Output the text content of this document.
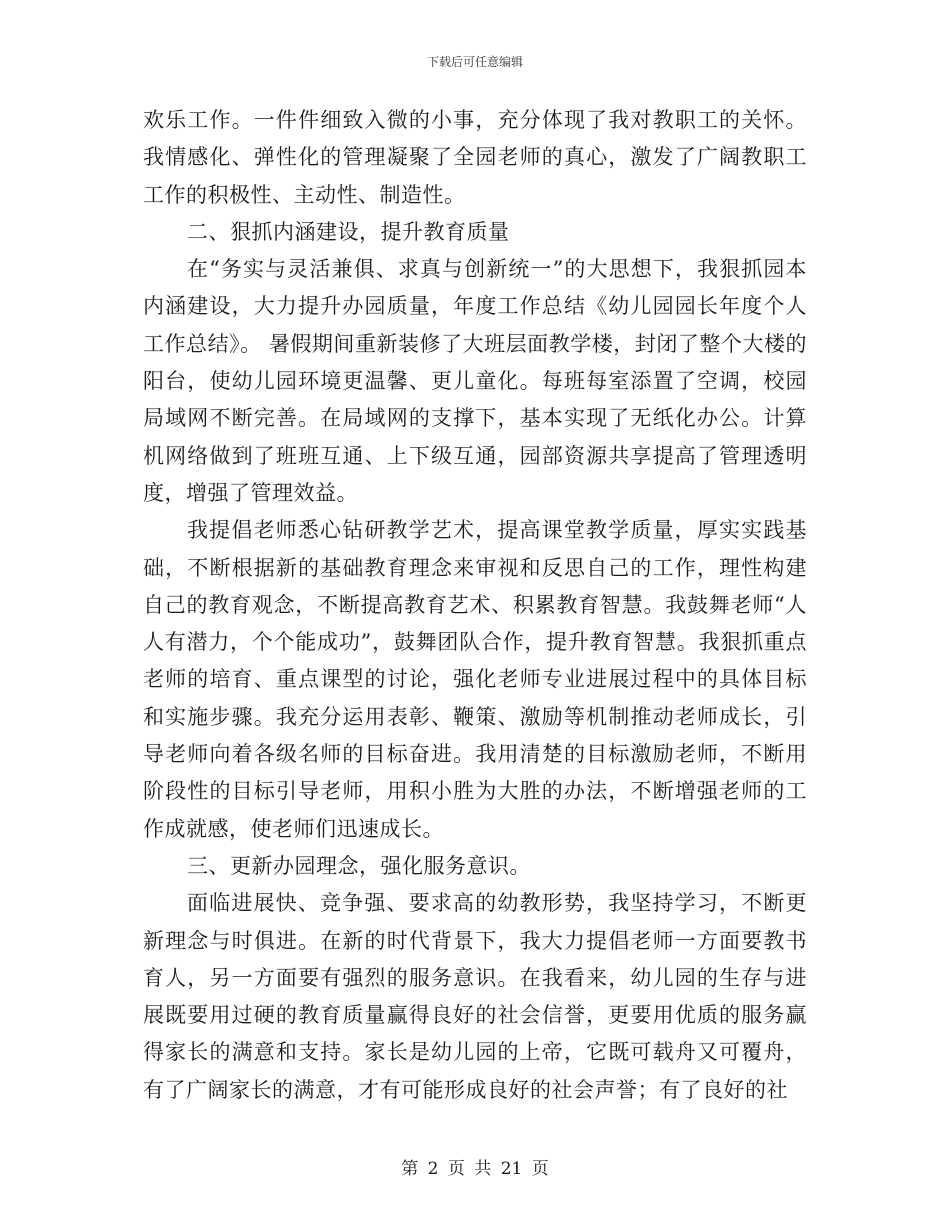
下载后可任意编辑

欢乐工作。一件件细致入微的小事，充分体现了我对教职工的关怀。我情感化、弹性化的管理凝聚了全园老师的真心，激发了广阔教职工工作的积极性、主动性、制造性。

二、狠抓内涵建设，提升教育质量

在“务实与灵活兼俱、求真与创新统一”的大思想下，我狠抓园本内涵建设，大力提升办园质量，年度工作总结《幼儿园园长年度个人工作总结》。 暑假期间重新装修了大班层面教学楼，封闭了整个大楼的阳台，使幼儿园环境更温馨、更儿童化。每班每室添置了空调，校园局域网不断完善。在局域网的支撑下，基本实现了无纸化办公。计算机网络做到了班班互通、上下级互通，园部资源共享提高了管理透明度，增强了管理效益。

我提倡老师悉心钻研教学艺术，提高课堂教学质量，厚实实践基础，不断根据新的基础教育理念来审视和反思自己的工作，理性构建自己的教育观念，不断提高教育艺术、积累教育智慧。我鼓舞老师“人人有潜力，个个能成功”，鼓舞团队合作，提升教育智慧。我狠抓重点老师的培育、重点课型的讨论，强化老师专业进展过程中的具体目标和实施步骤。我充分运用表彰、鞭策、激励等机制推动老师成长，引导老师向着各级名师的目标奋进。我用清楚的目标激励老师，不断用阶段性的目标引导老师，用积小胜为大胜的办法，不断增强老师的工作成就感，使老师们迅速成长。

三、更新办园理念，强化服务意识。

面临进展快、竞争强、要求高的幼教形势，我坚持学习，不断更新理念与时俱进。在新的时代背景下，我大力提倡老师一方面要教书育人，另一方面要有强烈的服务意识。在我看来，幼儿园的生存与进展既要用过硬的教育质量赢得良好的社会信誉，更要用优质的服务赢得家长的满意和支持。家长是幼儿园的上帝，它既可载舟又可覆舟，有了广阔家长的满意，才有可能形成良好的社会声誉；有了良好的社

第 2 页 共 21 页
